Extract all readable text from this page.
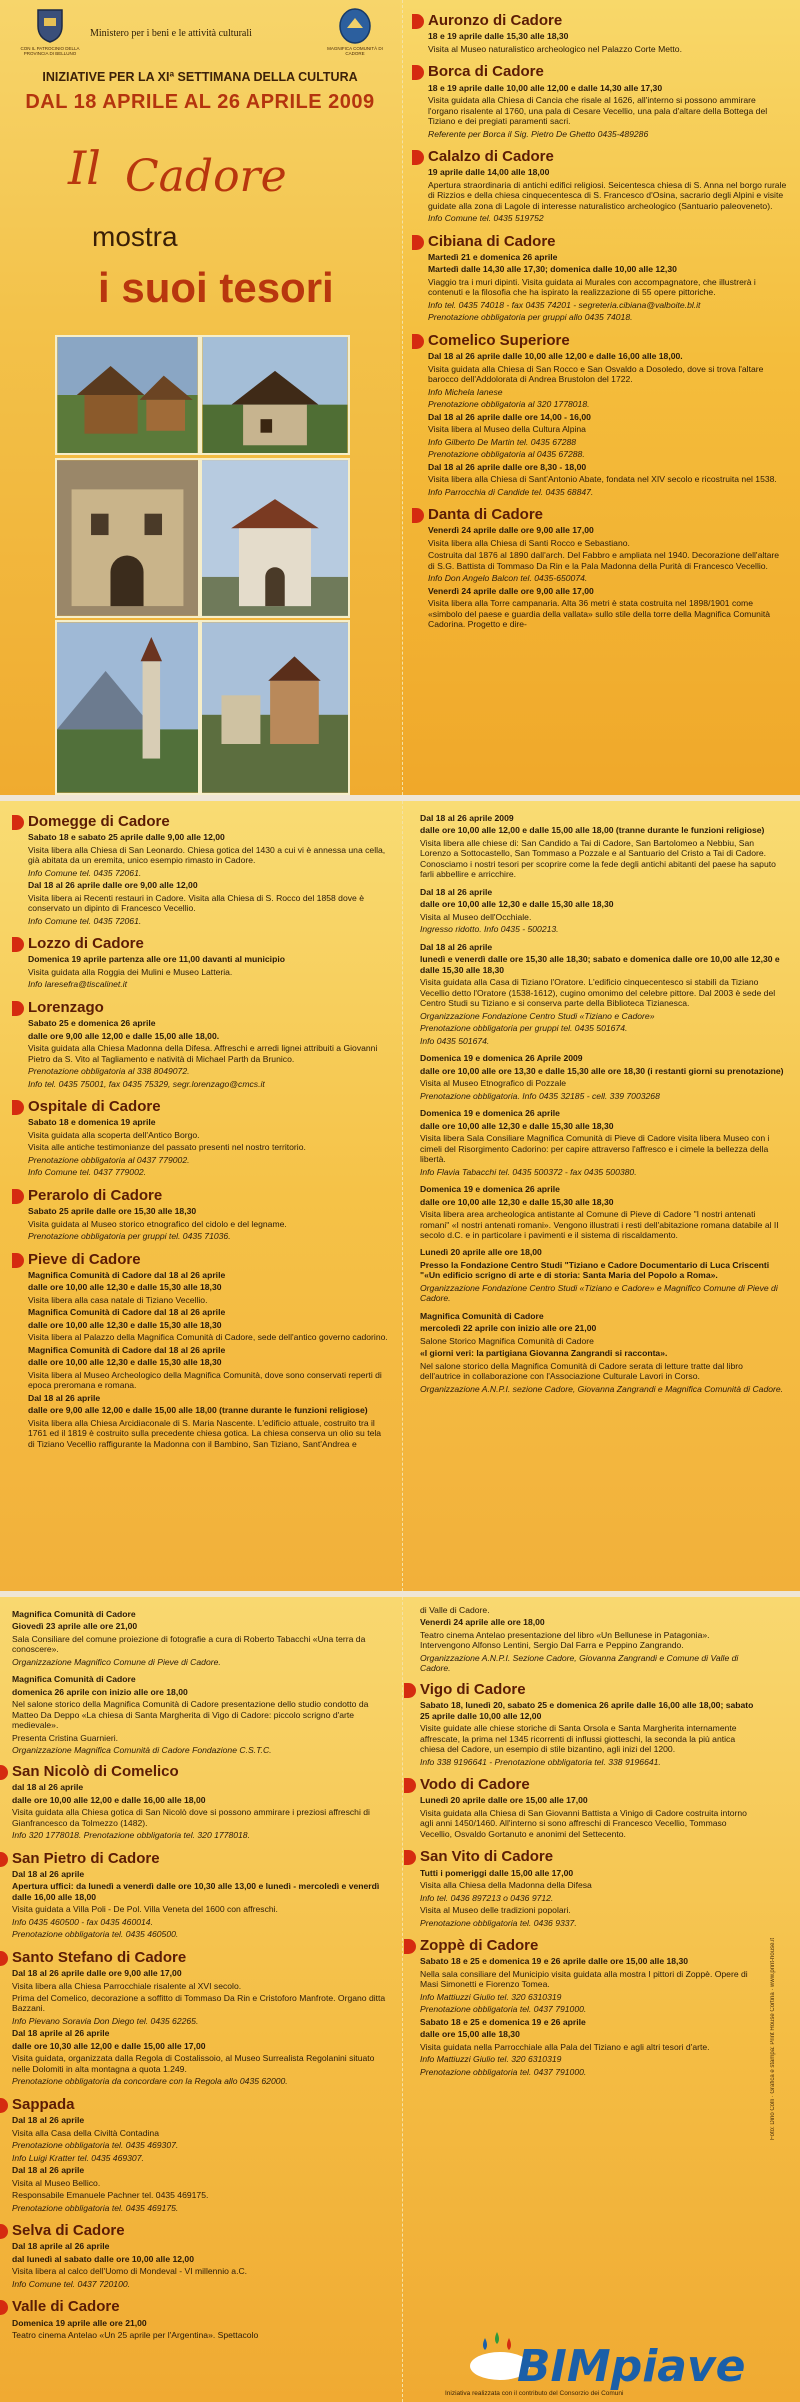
CON IL PATROCINIO DELLA PROVINCIA DI BELLUNO
Ministero per i beni e le attività culturali
MAGNIFICA COMUNITÀ DI CADORE
INIZIATIVE PER LA XIª SETTIMANA DELLA CULTURA
DAL 18 APRILE AL 26 APRILE 2009
Il Cadore
mostra
i suoi tesori
Auronzo di Cadore

18 e 19 aprile dalle 15,30 alle 18,30

Visita al Museo naturalistico archeologico nel Palazzo Corte Metto.

Borca di Cadore

18 e 19 aprile dalle 10,00 alle 12,00 e dalle 14,30 alle 17,30

Visita guidata alla Chiesa di Cancia che risale al 1626, all'interno si possono ammirare l'organo risalente al 1760, una pala di Cesare Vecellio, una pala d'altare della Bottega del Tiziano e dei pregiati paramenti sacri.

Referente per Borca il Sig. Pietro De Ghetto 0435-489286

Calalzo di Cadore

19 aprile dalle 14,00 alle 18,00

Apertura straordinaria di antichi edifici religiosi. Seicentesca chiesa di S. Anna nel borgo rurale di Rizzios e della chiesa cinquecentesca di S. Francesco d'Osina, sacrario degli Alpini e visite guidate alla zona di Lagole di interesse naturalistico archeologico (Santuario paleoveneto).

Info Comune tel. 0435 519752

Cibiana di Cadore

Martedì 21 e domenica 26 aprile

Martedì dalle 14,30 alle 17,30; domenica dalle 10,00 alle 12,30

Viaggio tra i muri dipinti. Visita guidata ai Murales con accompagnatore, che illustrerà i contenuti e la filosofia che ha ispirato la realizzazione di 55 opere pittoriche.

Info tel. 0435 74018 - fax 0435 74201 - segreteria.cibiana@valboite.bl.it

Prenotazione obbligatoria per gruppi allo 0435 74018.

Comelico Superiore

Dal 18 al 26 aprile dalle 10,00 alle 12,00 e dalle 16,00 alle 18,00.

Visita guidata alla Chiesa di San Rocco e San Osvaldo a Dosoledo, dove si trova l'altare barocco dell'Addolorata di Andrea Brustolon del 1722.

Info Michela Ianese

Prenotazione obbligatoria al 320 1778018.

Dal 18 al 26 aprile dalle ore 14,00 - 16,00

Visita libera al Museo della Cultura Alpina

Info Gilberto De Martin tel. 0435 67288

Prenotazione obbligatoria al 0435 67288.

Dal 18 al 26 aprile dalle ore 8,30 - 18,00

Visita libera alla Chiesa di Sant'Antonio Abate, fondata nel XIV secolo e ricostruita nel 1538.

Info Parrocchia di Candide tel. 0435 68847.

Danta di Cadore

Venerdì 24 aprile dalle ore 9,00 alle 17,00

Visita libera alla Chiesa di Santi Rocco e Sebastiano.

Costruita dal 1876 al 1890 dall'arch. Del Fabbro e ampliata nel 1940. Decorazione dell'altare di S.G. Battista di Tommaso Da Rin e la Pala Madonna della Purità di Francesco Vecellio.

Info Don Angelo Balcon tel. 0435-650074.

Venerdì 24 aprile dalle ore 9,00 alle 17,00

Visita libera alla Torre campanaria. Alta 36 metri è stata costruita nel 1898/1901 come «simbolo del paese e guardia della vallata» sullo stile della torre della Magnifica Comunità Cadorina. Progetto e dire-

Domegge di Cadore

Sabato 18 e sabato 25 aprile dalle 9,00 alle 12,00

Visita libera alla Chiesa di San Leonardo. Chiesa gotica del 1430 a cui vi è annessa una cella, già abitata da un eremita, unico esempio rimasto in Cadore.

Info Comune tel. 0435 72061.

Dal 18 al 26 aprile dalle ore 9,00 alle 12,00

Visita libera ai Recenti restauri in Cadore. Visita alla Chiesa di S. Rocco del 1858 dove è conservato un dipinto di Francesco Vecellio.

Info Comune tel. 0435 72061.

Lozzo di Cadore

Domenica 19 aprile partenza alle ore 11,00 davanti al municipio

Visita guidata alla Roggia dei Mulini e Museo Latteria.

Info laresefra@tiscalinet.it

Lorenzago

Sabato 25 e domenica 26 aprile

dalle ore 9,00 alle 12,00 e dalle 15,00 alle 18,00.

Visita guidata alla Chiesa Madonna della Difesa. Affreschi e arredi lignei attribuiti a Giovanni Pietro da S. Vito al Tagliamento e natività di Michael Parth da Brunico.

Prenotazione obbligatoria al 338 8049072.

Info tel. 0435 75001, fax 0435 75329, segr.lorenzago@cmcs.it

Ospitale di Cadore

Sabato 18 e domenica 19 aprile

Visita guidata alla scoperta dell'Antico Borgo.

Visita alle antiche testimonianze del passato presenti nel nostro territorio.

Prenotazione obbligatoria al 0437 779002.

Info Comune tel. 0437 779002.

Perarolo di Cadore

Sabato 25 aprile dalle ore 15,30 alle 18,30

Visita guidata al Museo storico etnografico del cidolo e del legname.

Prenotazione obbligatoria per gruppi tel. 0435 71036.

Pieve di Cadore

Magnifica Comunità di Cadore dal 18 al 26 aprile

dalle ore 10,00 alle 12,30 e dalle 15,30 alle 18,30

Visita libera alla casa natale di Tiziano Vecellio.

Magnifica Comunità di Cadore dal 18 al 26 aprile

dalle ore 10,00 alle 12,30 e dalle 15,30 alle 18,30

Visita libera al Palazzo della Magnifica Comunità di Cadore, sede dell'antico governo cadorino.

Magnifica Comunità di Cadore dal 18 al 26 aprile

dalle ore 10,00 alle 12,30 e dalle 15,30 alle 18,30

Visita libera al Museo Archeologico della Magnifica Comunità, dove sono conservati reperti di epoca preromana e romana.

Dal 18 al 26 aprile

dalle ore 9,00 alle 12,00 e dalle 15,00 alle 18,00 (tranne durante le funzioni religiose)

Visita libera alla Chiesa Arcidiaconale di S. Maria Nascente. L'edificio attuale, costruito tra il 1761 ed il 1819 è costruito sulla precedente chiesa gotica. La chiesa conserva un olio su tela di Tiziano Vecellio raffigurante la Madonna con il Bambino, San Tiziano, Sant'Andrea e

Dal 18 al 26 aprile 2009

dalle ore 10,00 alle 12,00 e dalle 15,00 alle 18,00 (tranne durante le funzioni religiose)

Visita libera alle chiese di: San Candido a Tai di Cadore, San Bartolomeo a Nebbiu, San Lorenzo a Sottocastello, San Tommaso a Pozzale e al Santuario del Cristo a Tai di Cadore. Conosciamo i nostri tesori per scoprire come la fede degli antichi abitanti del paese ha saputo farli abbellire e arricchire.

Dal 18 al 26 aprile

dalle ore 10,00 alle 12,30 e dalle 15,30 alle 18,30

Visita al Museo dell'Occhiale.

Ingresso ridotto. Info 0435 - 500213.

Dal 18 al 26 aprile

lunedì e venerdì dalle ore 15,30 alle 18,30; sabato e domenica dalle ore 10,00 alle 12,30 e dalle 15,30 alle 18,30

Visita guidata alla Casa di Tiziano l'Oratore. L'edificio cinquecentesco si stabilì da Tiziano Vecellio detto l'Oratore (1538-1612), cugino omonimo del celebre pittore. Dal 2003 è sede del Centro Studi su Tiziano e si conserva parte della Biblioteca Tizianesca.

Organizzazione Fondazione Centro Studi «Tiziano e Cadore»

Prenotazione obbligatoria per gruppi tel. 0435 501674.

Info 0435 501674.

Domenica 19 e domenica 26 Aprile 2009

dalle ore 10,00 alle ore 13,30 e dalle 15,30 alle ore 18,30 (i restanti giorni su prenotazione)

Visita al Museo Etnografico di Pozzale

Prenotazione obbligatoria. Info 0435 32185 - cell. 339 7003268

Domenica 19 e domenica 26 aprile

dalle ore 10,00 alle 12,30 e dalle 15,30 alle 18,30

Visita libera Sala Consiliare Magnifica Comunità di Pieve di Cadore visita libera Museo con i cimeli del Risorgimento Cadorino: per capire attraverso l'affresco e i cimele la bellezza della libertà.

Info Flavia Tabacchi tel. 0435 500372 - fax 0435 500380.

Domenica 19 e domenica 26 aprile

dalle ore 10,00 alle 12,30 e dalle 15,30 alle 18,30

Visita libera area archeologica antistante al Comune di Pieve di Cadore "I nostri antenati romani" «I nostri antenati romani». Vengono illustrati i resti dell'abitazione romana databile al II secolo d.C. e in particolare i pavimenti e il sistema di riscaldamento.

Lunedì 20 aprile alle ore 18,00

Presso la Fondazione Centro Studi "Tiziano e Cadore Documentario di Luca Criscenti "«Un edificio scrigno di arte e di storia: Santa Maria del Popolo a Roma».

Organizzazione Fondazione Centro Studi «Tiziano e Cadore» e Magnifico Comune di Pieve di Cadore.

Magnifica Comunità di Cadore

mercoledì 22 aprile con inizio alle ore 21,00

Salone Storico Magnifica Comunità di Cadore

«I giorni veri: la partigiana Giovanna Zangrandi si racconta».

Nel salone storico della Magnifica Comunità di Cadore serata di letture tratte dal libro dell'autrice in collaborazione con l'Associazione Culturale Lavori in Corso.

Organizzazione A.N.P.I. sezione Cadore, Giovanna Zangrandi e Magnifica Comunità di Cadore.

Magnifica Comunità di Cadore

Giovedì 23 aprile alle ore 21,00

Sala Consiliare del comune proiezione di fotografie a cura di Roberto Tabacchi «Una terra da conoscere».

Organizzazione Magnifico Comune di Pieve di Cadore.

Magnifica Comunità di Cadore

domenica 26 aprile con inizio alle ore 18,00

Nel salone storico della Magnifica Comunità di Cadore presentazione dello studio condotto da Matteo Da Deppo «La chiesa di Santa Margherita di Vigo di Cadore: piccolo scrigno d'arte medievale».

Presenta Cristina Guarnieri.

Organizzazione Magnifica Comunità di Cadore Fondazione C.S.T.C.

San Nicolò di Comelico

dal 18 al 26 aprile

dalle ore 10,00 alle 12,00 e dalle 16,00 alle 18,00

Visita guidata alla Chiesa gotica di San Nicolò dove si possono ammirare i preziosi affreschi di Gianfrancesco da Tolmezzo (1482).

Info 320 1778018. Prenotazione obbligatoria tel. 320 1778018.

San Pietro di Cadore

Dal 18 al 26 aprile

Apertura uffici: da lunedì a venerdì dalle ore 10,30 alle 13,00 e lunedì - mercoledì e venerdì dalle 16,00 alle 18,00

Visita guidata a Villa Poli - De Pol. Villa Veneta del 1600 con affreschi.

Info 0435 460500 - fax 0435 460014.

Prenotazione obbligatoria tel. 0435 460500.

Santo Stefano di Cadore

Dal 18 al 26 aprile dalle ore 9,00 alle 17,00

Visita libera alla Chiesa Parrocchiale risalente al XVI secolo.

Prima del Comelico, decorazione a soffitto di Tommaso Da Rin e Cristoforo Manfrote. Organo ditta Bazzani.

Info Pievano Soravia Don Diego tel. 0435 62265.

Dal 18 aprile al 26 aprile

dalle ore 10,30 alle 12,00 e dalle 15,00 alle 17,00

Visita guidata, organizzata dalla Regola di Costalissoio, al Museo Surrealista Regolanini situato nelle Dolomiti in alta montagna a quota 1.249.

Prenotazione obbligatoria da concordare con la Regola allo 0435 62000.

Sappada

Dal 18 al 26 aprile

Visita alla Casa della Civiltà Contadina

Prenotazione obbligatoria tel. 0435 469307.

Info Luigi Kratter tel. 0435 469307.

Dal 18 al 26 aprile

Visita al Museo Bellico.

Responsabile Emanuele Pachner tel. 0435 469175.

Prenotazione obbligatoria tel. 0435 469175.

Selva di Cadore

Dal 18 aprile al 26 aprile

dal lunedì al sabato dalle ore 10,00 alle 12,00

Visita libera al calco dell'Uomo di Mondeval - VI millennio a.C.

Info Comune tel. 0437 720100.

Valle di Cadore

Domenica 19 aprile alle ore 21,00

Teatro cinema Antelao «Un 25 aprile per l'Argentina». Spettacolo

di Valle di Cadore.

Venerdì 24 aprile alle ore 18,00

Teatro cinema Antelao presentazione del libro «Un Bellunese in Patagonia». Intervengono Alfonso Lentini, Sergio Dal Farra e Peppino Zangrando.

Organizzazione A.N.P.I. Sezione Cadore, Giovanna Zangrandi e Comune di Valle di Cadore.

Vigo di Cadore

Sabato 18, lunedì 20, sabato 25 e domenica 26 aprile dalle 16,00 alle 18,00; sabato 25 aprile dalle 10,00 alle 12,00

Visite guidate alle chiese storiche di Santa Orsola e Santa Margherita internamente affrescate, la prima nel 1345 ricorrenti di influssi giotteschi, la seconda la più antica chiesa del Cadore, un esempio di stile bizantino, agli inizi del 1200.

Info 338 9196641 - Prenotazione obbligatoria tel. 338 9196641.

Vodo di Cadore

Lunedì 20 aprile dalle ore 15,00 alle 17,00

Visita guidata alla Chiesa di San Giovanni Battista a Vinigo di Cadore costruita intorno agli anni 1450/1460. All'interno si sono affreschi di Francesco Vecellio, Tommaso Vecellio, Osvaldo Gortanuto e anonimi del Settecento.

San Vito di Cadore

Tutti i pomeriggi dalle 15,00 alle 17,00

Visita alla Chiesa della Madonna della Difesa

Info tel. 0436 897213 o 0436 9712.

Visita al Museo delle tradizioni popolari.

Prenotazione obbligatoria tel. 0436 9337.

Zoppè di Cadore

Sabato 18 e 25 e domenica 19 e 26 aprile dalle ore 15,00 alle 18,30

Nella sala consiliare del Municipio visita guidata alla mostra I pittori di Zoppè. Opere di Masi Simonetti e Fiorenzo Tomea.

Info Mattiuzzi Giulio tel. 320 6310319

Prenotazione obbligatoria tel. 0437 791000.

Sabato 18 e 25 e domenica 19 e 26 aprile

dalle ore 15,00 alle 18,30

Visita guidata nella Parrocchiale alla Pala del Tiziano e agli altri tesori d'arte.

Info Mattiuzzi Giulio tel. 320 6310319

Prenotazione obbligatoria tel. 0437 791000.	Foto: Dino Colli · Grafica e stampa: Print House Cortina · www.print-house.it
BIMpiave
Iniziativa realizzata con il contributo del Consorzio dei Comuni
